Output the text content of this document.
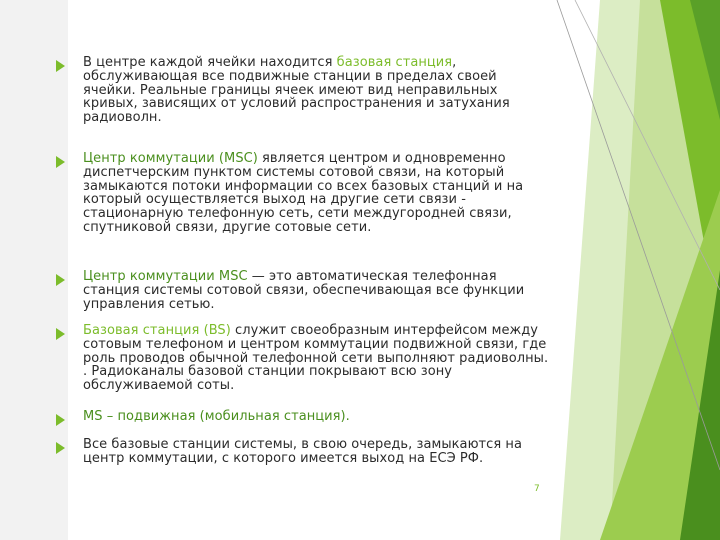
В центре каждой ячейки находится базовая станция, обслуживающая все подвижные станции в пределах своей ячейки. Реальные границы ячеек имеют вид неправильных кривых, зависящих от условий распространения и затухания радиоволн.
Центр коммутации (MSC) является центром и одновременно диспетчерским пунктом системы сотовой связи, на который замыкаются потоки информации со всех базовых станций и на который осуществляется выход на другие сети связи - стационарную телефонную сеть, сети междугородней связи, спутниковой связи, другие сотовые сети.
Центр коммутации MSC — это автоматическая телефонная станция системы сотовой связи, обеспечивающая все функции управления сетью.
Базовая станция (BS) служит своеобразным интерфейсом между сотовым телефоном и центром коммутации подвижной связи, где роль проводов обычной телефонной сети выполняют радиоволны. . Радиоканалы базовой станции покрывают всю зону обслуживаемой соты.
MS – подвижная (мобильная станция).
Все базовые станции системы, в свою очередь, замыкаются на центр коммутации, с которого имеется выход на ЕСЭ РФ.
7
